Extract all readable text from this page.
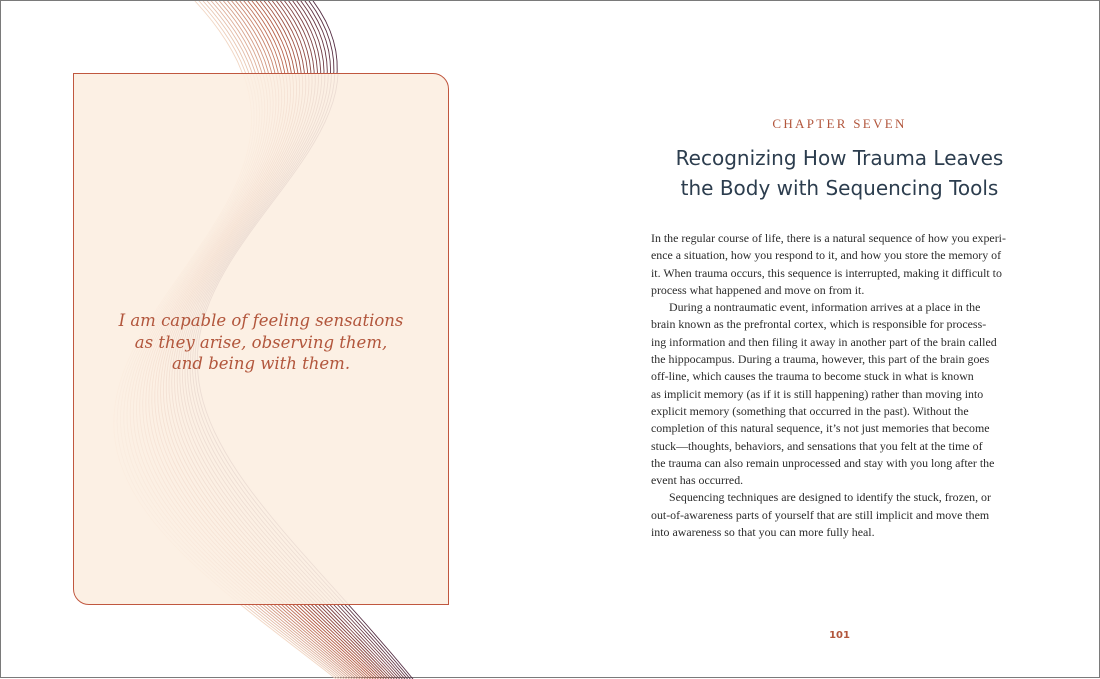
I am capable of feeling sensations
as they arise, observing them,
and being with them.
CHAPTER SEVEN
Recognizing How Trauma Leaves
the Body with Sequencing Tools
In the regular course of life, there is a natural sequence of how you experi-
ence a situation, how you respond to it, and how you store the memory of
it. When trauma occurs, this sequence is interrupted, making it difficult to
process what happened and move on from it.
During a nontraumatic event, information arrives at a place in the
brain known as the prefrontal cortex, which is responsible for process-
ing information and then filing it away in another part of the brain called
the hippocampus. During a trauma, however, this part of the brain goes
off-line, which causes the trauma to become stuck in what is known
as implicit memory (as if it is still happening) rather than moving into
explicit memory (something that occurred in the past). Without the
completion of this natural sequence, it’s not just memories that become
stuck—thoughts, behaviors, and sensations that you felt at the time of
the trauma can also remain unprocessed and stay with you long after the
event has occurred.
Sequencing techniques are designed to identify the stuck, frozen, or
out-of-awareness parts of yourself that are still implicit and move them
into awareness so that you can more fully heal.
101
